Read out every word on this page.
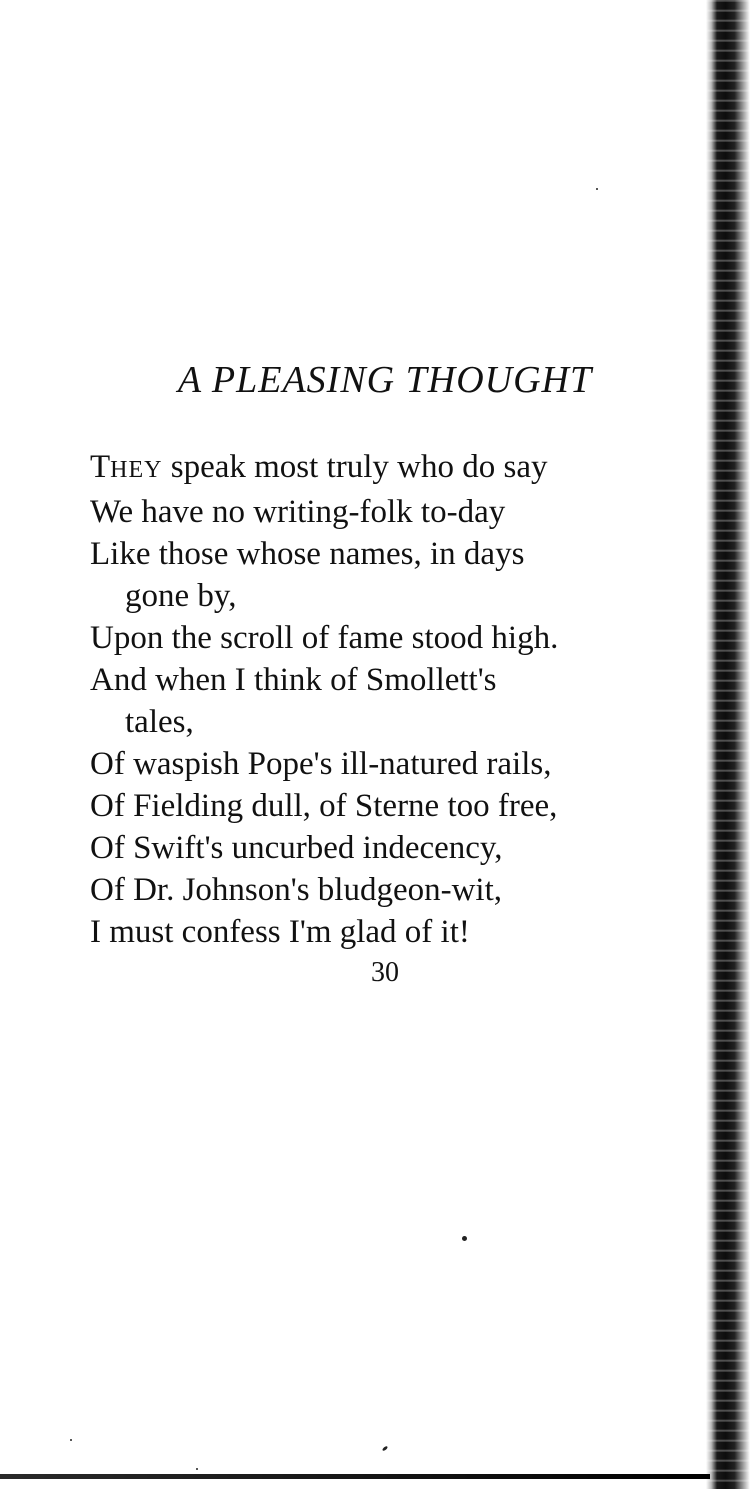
A PLEASING THOUGHT

THEY speak most truly who do say

We have no writing-folk to-day

Like those whose names, in days

gone by,

Upon the scroll of fame stood high.

And when I think of Smollett's

tales,

Of waspish Pope's ill-natured rails,

Of Fielding dull, of Sterne too free,

Of Swift's uncurbed indecency,

Of Dr. Johnson's bludgeon-wit,

I must confess I'm glad of it!

30
